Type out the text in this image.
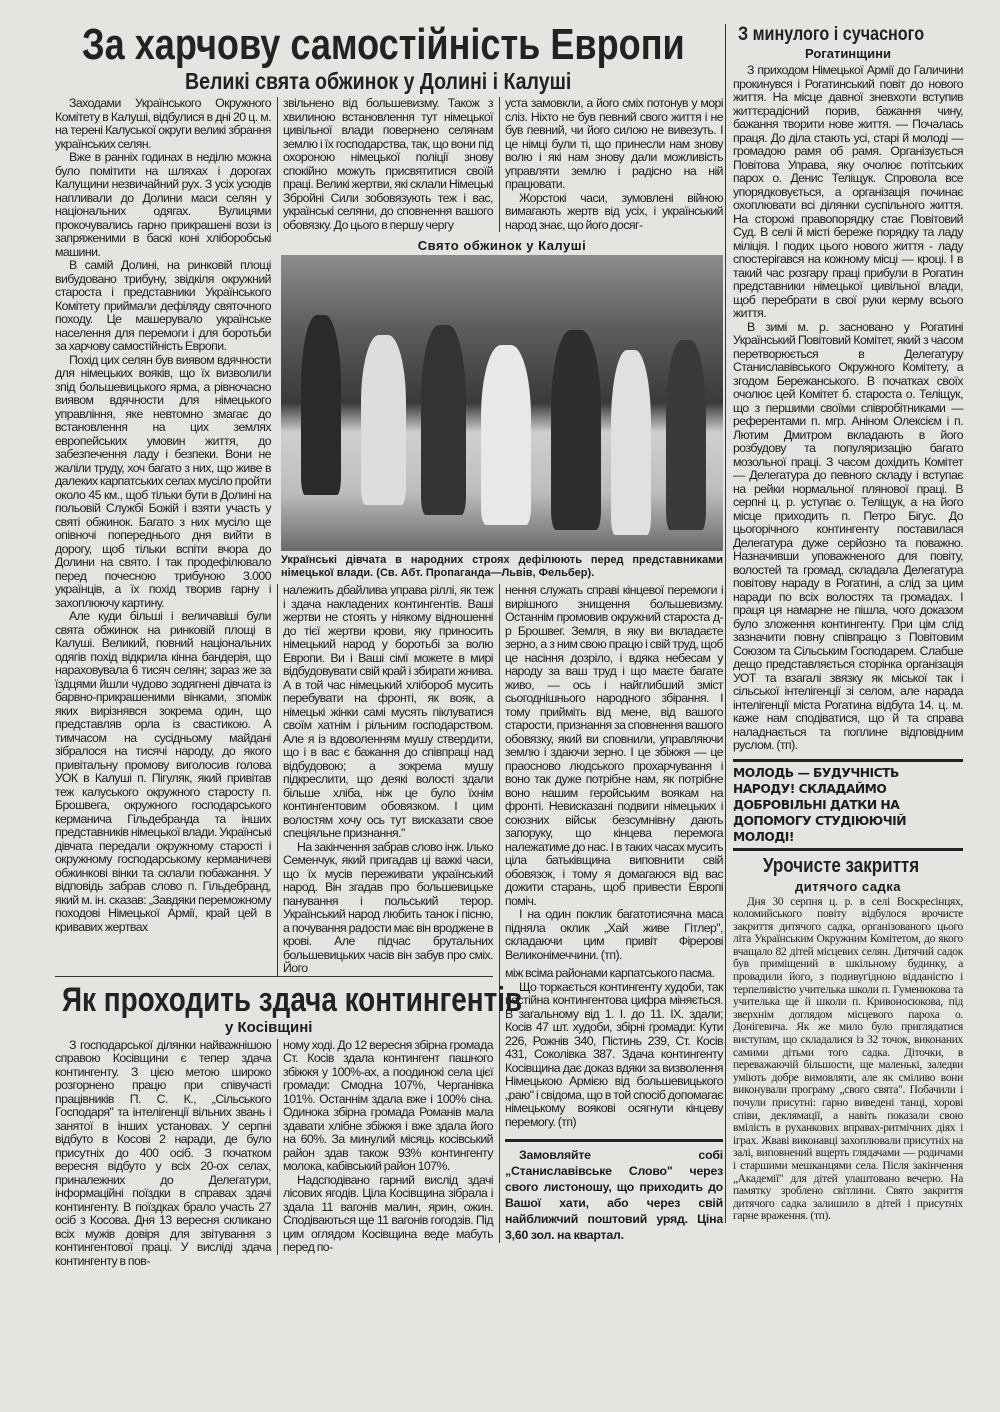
За харчову самостійність Европи
Великі свята обжинок у Долині і Калуші

Заходами Українського Окружного Комітету в Калуші, відбулися в дні 20 ц. м. на терені Калуської округи великі збрання українських селян.

Вже в ранніх годинах в неділю можна було помітити на шляхах і дорогах Калущини незвичайний рух. З усіх усюдів напливали до Долини маси селян у національних одягах. Вулицями прокочувались гарно прикрашені вози із запряженими в баскі коні хліборобські машини.

В самій Долині, на ринковій площі вибудовано трибуну, звідкіля окружний староста і представники Українського Комітету приймали дефіляду святочного походу. Це машерувало українське населення для перемоги і для боротьби за харчову самостійність Европи.

Похід цих селян був виявом вдячности для німецьких вояків, що їх визволили зпід большевицького ярма, а рівночасно виявом вдячности для німецького управління, яке невтомно змагає до встановлення на цих землях европейських умовин життя, до забезпечення ладу і безпеки. Вони не жаліли труду, хоч багато з них, що живе в далеких карпатських селах мусіло пройти около 45 км., щоб тільки бути в Долині на польовій Службі Божій і взяти участь у святі обжинок. Багато з них мусіло ще опівночі попереднього дня вийти в дорогу, щоб тільки вспіти вчора до Долини на свято. І так продефілювало перед почесною трибуною 3.000 українців, а їх похід творив гарну і захоплюючу картину.

Але куди більші і величавіші були свята обжинок на ринковій площі в Калуші. Великий, повний національних одягів похід відкрила кінна бандерія, що нараховувала 6 тисяч селян; зараз же за їздцями йшли чудово зодягнені дівчата із барвно-прикрашеними вінками, зпоміж яких вирізнявся зокрема один, що представляв орла із свастикою. А тимчасом на сусідньому майдані зібралося на тисячі народу, до якого привітальну промову виголосив голова УОК в Калуші п. Пігуляк, який привітав теж калуського окружного старосту п. Брошвега, окружного господарського керманича Гільдебранда та інших представників німецької влади. Українські дівчата передали окружному старості і окружному господарському керманичеві обжинкові вінки та склали побажання. У відповідь забрав слово п. Гільдебранд, який м. ін. сказав: „Завдяки переможному походові Німецької Армії, край цей в кривавих жертвах

звільнено від большевизму. Також з хвилиною встановлення тут німецької цивільної влади повернено селянам землю і їх господарства, так, що вони під охороною німецької поліції знову спокійно можуть присвятитися своїй праці. Великі жертви, які склали Німецькі Збройні Сили зобовязують теж і вас, українські селяни, до сповнення вашого обовязку. До цього в першу чергу

уста замовкли, а його сміх потонув у морі сліз. Ніхто не був певний свого життя і не був певний, чи його силою не вивезуть. І це німці були ті, що принесли нам знову волю і які нам знову дали можливість управляти землю і радісно на ній працювати.

Жорстокі часи, зумовлені війною вимагають жертв від усіх, і український народ знає, що його досяг-

Свято обжинок у Калуші
Українські дівчата в народних строях дефілюють перед представниками німецької влади. (Св. Абт. Пропаганда—Львів, Фельбер).

належить дбайлива управа ріллі, як теж і здача накладених контингентів. Ваші жертви не стоять у ніякому відношенні до тієї жертви крови, яку приносить німецький народ у боротьбі за волю Европи. Ви і Ваші сімї можете в мирі відбудовувати свій край і збирати жнива. А в той час німецький хлібороб мусить перебувати на фронті, як вояк, а німецькі жінки самі мусять піклуватися своїм хатнім і рільним господарством. Але я із вдоволенням мушу ствердити, що і в вас є бажання до співпраці над відбудовою; а зокрема мушу підкреслити, що деякі волості здали більше хліба, ніж це було їхнім контингентовим обовязком. І цим волостям хочу ось тут висказати свое спеціяльне признання."

На закінчення забрав слово інж. Ілько Семенчук, який пригадав ці важкі часи, що їх мусів переживати український народ. Він згадав про большевицьке панування і польський терор. Український народ любить танок і пісню, а почування радости має він вроджене в крові. Але підчас брутальних большевицьких часів він забув про сміх. Його

нення служать справі кінцевої перемоги і вирішного знищення большевизму. Останнім промовив окружний староста д-р Брошвег. Земля, в яку ви вкладаєте зерно, а з ним свою працю і свій труд, щоб це насіння дозріло, і вдяка небесам у народу за ваш труд і що маєте багате живо, — ось і найглибший зміст сьогоднішнього народного збірання. І тому прийміть від мене, від вашого старости, признання за сповнення вашого обовязку, який ви сповнили, управляючи землю і здаючи зерно. І це збіжжя — це праосново людського прохарчування і воно так дуже потрібне нам, як потрібне воно нашим геройським воякам на фронті. Невисказані подвиги німецьких і союзних військ безсумнівну дають запоруку, що кінцева перемога належатиме до нас. І в таких часах мусить ціла батьківщина виповнити свій обовязок, і тому я домагаюся від вас дожити старань, щоб привести Европі поміч.

І на один поклик багатотисячна маса підняла оклик „Хай живе Гітлер", складаючи цим привіт Фірерові Великонімеччини. (тп).

між всіма районами карпатського пасма.

Що торкається контингенту худоби, так постійна контингентова цифра міняється. В загальному від 1. І. до 11. IX. здали; Косів 47 шт. худоби, збірні громади: Кути 226, Рожнів 340, Пістинь 239, Ст. Косів 431, Соколівка 387. Здача контингенту Косівщина дає доказ вдяки за визволення Німецькою Армією від большевицького „раю" і свідома, що в той спосіб допомагає німецькому воякові осягнути кінцеву перемогу. (тп)

Замовляйте собі „Станиславівське Слово" через свого листоношу, що приходить до Вашої хати, або через свій найближчий поштовий уряд. Ціна 3,60 зол. на квартал.
Як проходить здача контингентів
у Косівщині

З господарської ділянки найважнішою справою Косівщини є тепер здача контингенту. З цією метою широко розгорнено працю при співучасті працівників П. С. К., „Сільського Господаря" та інтелігенції вільних звань і занятої в інших установах. У серпні відбуто в Косові 2 наради, де було присутніх до 400 осіб. З початком вересня відбуто у всіх 20-ох селах, приналежних до Делегатури, інформаційні поїздки в справах здачі контингенту. В поїздках брало участь 27 осіб з Косова. Дня 13 вересня скликано всіх мужів довіря для звітування з контингентової праці. У висліді здача контингенту в пов-

ному ході. До 12 вересня збірна громада Ст. Косів здала контингент пашного збіжжя у 100%-ах, а поодинокі села цієї громади: Смодна 107%, Черганівка 101%. Останнім здала вже і 100% сіна. Одинока збірна громада Романів мала здавати хлібне збіжжя і вже здала його на 60%. За минулий місяць косівський район здав також 93% контингенту молока, кабівський район 107%.

Надсподівано гарний вислід здачі лісових ягодів. Ціла Косівщина зібрала і здала 11 вагонів малин, ярин, ожин. Сподіваються ще 11 вагонів гогодзів. Під цим оглядом Косівщина веде мабуть перед по-

З минулого і сучасного
Рогатинщини

З приходом Німецької Армії до Галичини прокинувся і Рогатинський повіт до нового життя. На місце давної зневхоти вступив життєрадісний порив, бажання чину, бажання творити нове життя. — Почалась праця. До діла стають усі, старі й молоді — громадою рамя об рамя. Організується Повітова Управа, яку очолює потітських парох о. Денис Теліщук. Спровола все упорядковується, а організація починає охоплювати всі ділянки суспільного життя. На сторожі правопорядку стає Повітовий Суд. В селі й місті береже порядку та ладу міліція. І подих цього нового життя - ладу спостерігався на кожному місці — кроці. І в такий час розгару праці прибули в Рогатин представники німецької цивільної влади, щоб перебрати в свої руки керму всього життя.

В зимі м. р. засновано у Рогатині Український Повітовий Комітет, який з часом перетворюється в Делегатуру Станиславівського Окружного Комітету, а згодом Бережанського. В початках своїх очолює цей Комітет б. староста о. Теліщук, що з першими своїми співробітниками — референтами п. мгр. Аніном Олексієм і п. Лютим Дмитром вкладають в його розбудову та популяризацію багато мозольної праці. З часом дохідить Комітет — Делегатура до певного складу і вступає на рейки нормальної плянової праці. В серпні ц. р. уступає о. Теліщук, а на його місце приходить п. Петро Бігус. До цьогорічного контингенту поставилася Делегатура дуже серйозно та поважно. Назначивши уповажненого для повіту, волостей та громад, складала Делегатура повітову нараду в Рогатині, а слід за цим наради по всіх волостях та громадах. І праця ця намарне не пішла, чого доказом було зложення контингенту. При цім слід зазначити повну співпрацю з Повітовим Союзом та Сільським Господарем. Слабше дещо представляється сторінка організація УОТ та взагалі звязку як міської так і сільської інтелігенції зі селом, але нарада інтелігенції міста Рогатина відбута 14. ц. м. каже нам сподіватися, що й та справа наладнається та поплине відповідним руслом. (тп).

МОЛОДЬ — БУДУЧНІСТЬ НАРОДУ! СКЛАДАЙМО ДОБРОВІЛЬНІ ДАТКИ НА ДОПОМОГУ СТУДІЮЮЧІЙ МОЛОДІ!
Урочисте закриття
дитячого садка

Дня 30 серпня ц. р. в селі Воскресінцях, коломийського повіту відбулося врочисте закриття дитячого садка, організованого цього літа Українським Окружним Комітетом, до якого вчащало 82 дітей місцевих селян. Дитячий садок був приміщений в шкільному будинку, а провадили його, з подивугідною відданістю і терпеливістю учителька школи п. Гуменюкова та учителька ще й школи п. Кривоносюкова, під зверхнім доглядом місцевого пароха о. Донігевича. Як же мило було приглядатися виступам, що складалися із 32 точок, виконаних самими дітьми того садка. Діточки, в переважаючій більшости, ще маленькі, заледви уміють добре вимовляти, але як сміливо вони виконували програму „свого свята". Побачили і почули присутні: гарно виведені танці, хорові співи, деклямації, а навіть показали свою вмілість в руханкових вправах-ритмічних діях і іграх. Жваві виконавці захоплювали присутніх на залі, виповнений вщерть глядачами — родичами і старшими мешканцями села. Після закінчення „Академії" для дітей улаштовано вечерю. На памятку зроблено світлини. Свято закриття дитячого садка залишило в дітей і присутніх гарне враження. (тп).
